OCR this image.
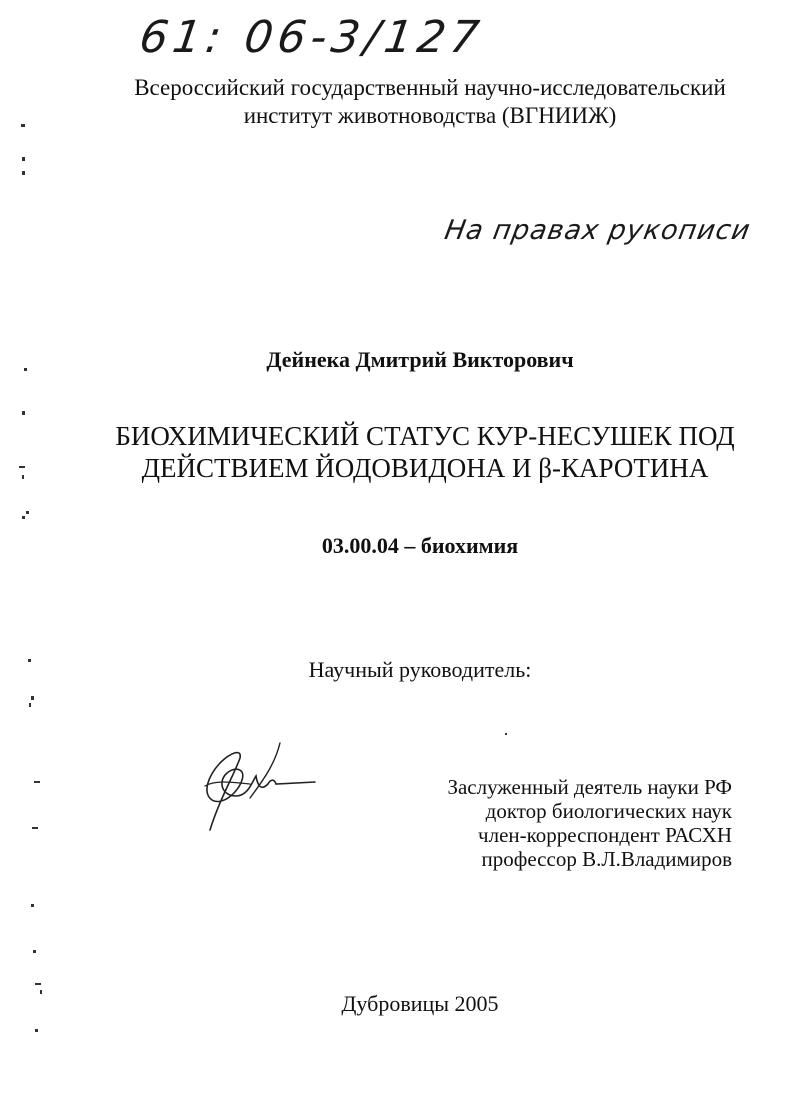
61: 06-3/127
Всероссийский государственный научно-исследовательский
институт животноводства (ВГНИИЖ)
На правах рукописи
Дейнека Дмитрий Викторович
БИОХИМИЧЕСКИЙ СТАТУС КУР-НЕСУШЕК ПОД
ДЕЙСТВИЕМ ЙОДОВИДОНА И β-КАРОТИНА
03.00.04 – биохимия
Научный руководитель:
Заслуженный деятель науки РФ
доктор биологических наук
член-корреспондент РАСХН
профессор В.Л.Владимиров
Дубровицы 2005
